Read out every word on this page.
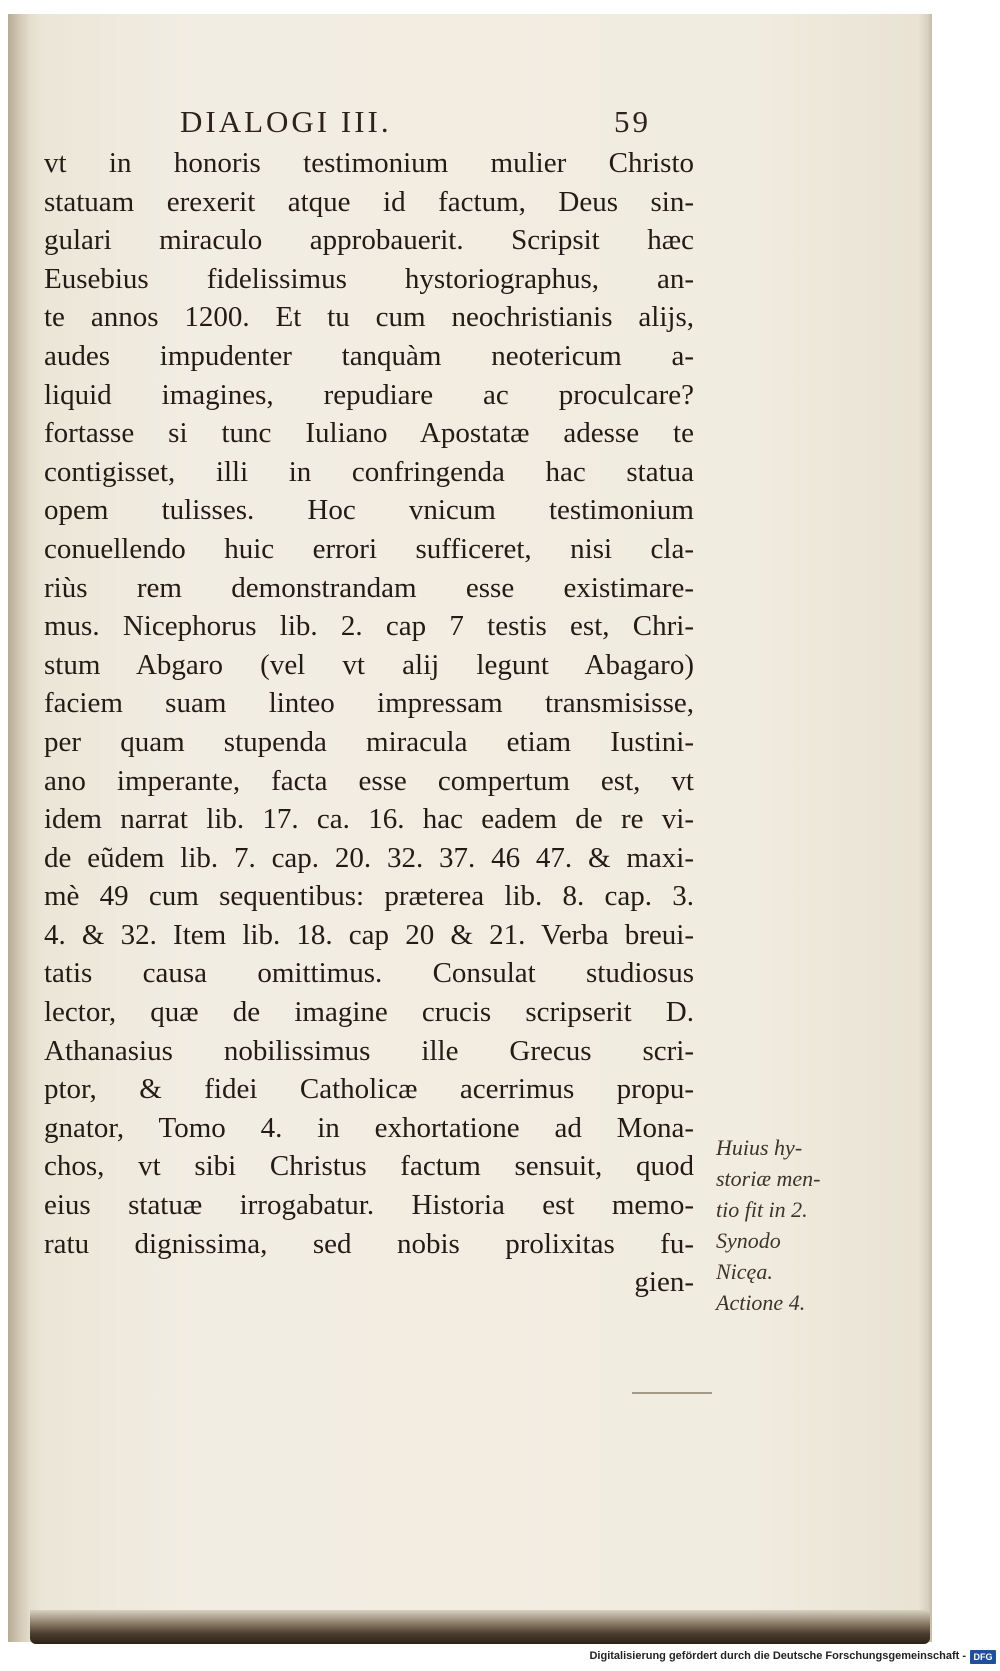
DIALOGI III.	59
vt in honoris testimonium mulier Christo
statuam erexerit atque id factum, Deus sin-
gulari miraculo approbauerit. Scripsit hæc
Eusebius fidelissimus hystoriographus, an-
te annos 1200. Et tu cum neochristianis alijs,
audes impudenter tanquàm neotericum a-
liquid imagines, repudiare ac proculcare?
fortasse si tunc Iuliano Apostatæ adesse te
contigisset, illi in confringenda hac statua
opem tulisses. Hoc vnicum testimonium
conuellendo huic errori sufficeret, nisi cla-
riùs rem demonstrandam esse existimare-
mus. Nicephorus lib. 2. cap 7 testis est, Chri-
stum Abgaro (vel vt alij legunt Abagaro)
faciem suam linteo impressam transmisisse,
per quam stupenda miracula etiam Iustini-
ano imperante, facta esse compertum est, vt
idem narrat lib. 17. ca. 16. hac eadem de re vi-
de eũdem lib. 7. cap. 20. 32. 37. 46 47. & maxi-
mè 49 cum sequentibus: præterea lib. 8. cap. 3.
4. & 32. Item lib. 18. cap 20 & 21. Verba breui-
tatis causa omittimus. Consulat studiosus
lector, quæ de imagine crucis scripserit D.
Athanasius nobilissimus ille Grecus scri-
ptor, & fidei Catholicæ acerrimus propu-
gnator, Tomo 4. in exhortatione ad Mona-
chos, vt sibi Christus factum sensuit, quod
eius statuæ irrogabatur. Historia est memo-
ratu dignissima, sed nobis prolixitas fu-
gien-
Huius hy-
storiæ men-
tio fit in 2.
Synodo
Nicęa.
Actione 4.
Digitalisierung gefördert durch die Deutsche Forschungsgemeinschaft - DFG
